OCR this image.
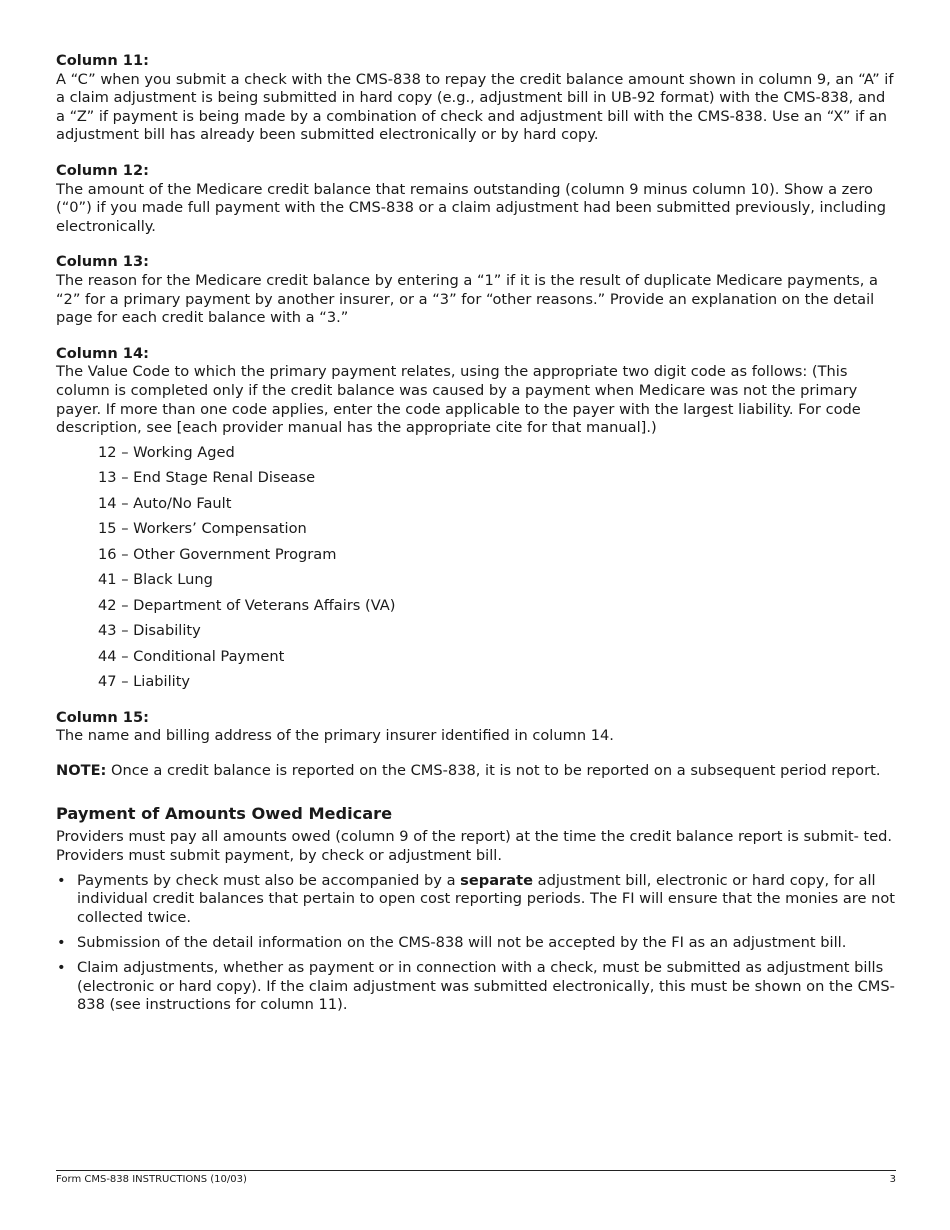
Column 11:

A “C” when you submit a check with the CMS-838 to repay the credit balance amount shown in column 9, an “A” if a claim adjustment is being submitted in hard copy (e.g., adjustment bill in UB-92 format) with the CMS-838, and a “Z” if payment is being made by a combination of check and adjustment bill with the CMS-838. Use an “X” if an adjustment bill has already been submitted electronically or by hard copy.

Column 12:

The amount of the Medicare credit balance that remains outstanding (column 9 minus column 10). Show a zero (“0”) if you made full payment with the CMS-838 or a claim adjustment had been submitted previously, including electronically.

Column 13:

The reason for the Medicare credit balance by entering a “1” if it is the result of duplicate Medicare payments, a “2” for a primary payment by another insurer, or a “3” for “other reasons.” Provide an explanation on the detail page for each credit balance with a “3.”

Column 14:

The Value Code to which the primary payment relates, using the appropriate two digit code as follows: (This column is completed only if the credit balance was caused by a payment when Medicare was not the primary payer. If more than one code applies, enter the code applicable to the payer with the largest liability. For code description, see [each provider manual has the appropriate cite for that manual].)

12 – Working Aged
13 – End Stage Renal Disease
14 – Auto/No Fault
15 – Workers’ Compensation
16 – Other Government Program
41 – Black Lung
42 – Department of Veterans Affairs (VA)
43 – Disability
44 – Conditional Payment
47 – Liability

Column 15:

The name and billing address of the primary insurer identified in column 14.

NOTE: Once a credit balance is reported on the CMS-838, it is not to be reported on a subsequent period report.

Payment of Amounts Owed Medicare

Providers must pay all amounts owed (column 9 of the report) at the time the credit balance report is submit- ted. Providers must submit payment, by check or adjustment bill.

• Payments by check must also be accompanied by a separate adjustment bill, electronic or hard copy, for all individual credit balances that pertain to open cost reporting periods. The FI will ensure that the monies are not collected twice.
• Submission of the detail information on the CMS-838 will not be accepted by the FI as an adjustment bill.
• Claim adjustments, whether as payment or in connection with a check, must be submitted as adjustment bills (electronic or hard copy). If the claim adjustment was submitted electronically, this must be shown on the CMS-838 (see instructions for column 11).
Form CMS-838 INSTRUCTIONS (10/03)	3
